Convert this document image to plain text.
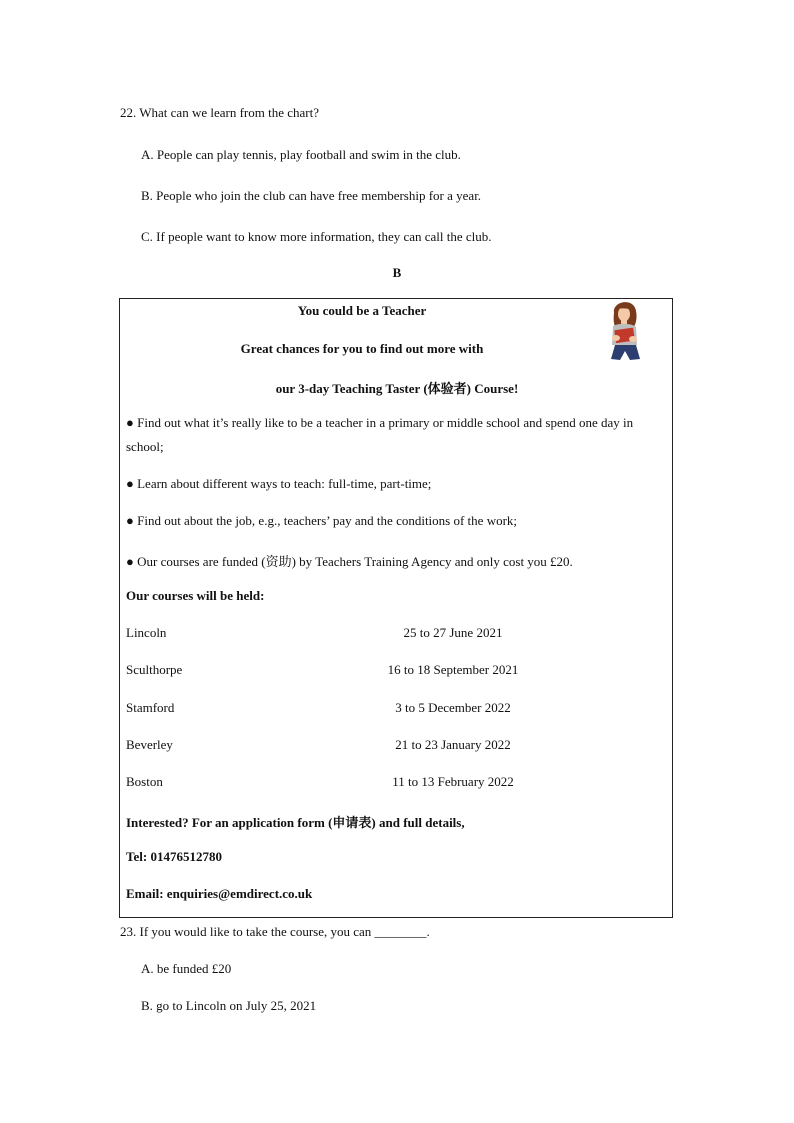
22. What can we learn from the chart?
A. People can play tennis, play football and swim in the club.
B. People who join the club can have free membership for a year.
C. If people want to know more information, they can call the club.
B
You could be a Teacher
Great chances for you to find out more with
our 3-day Teaching Taster (体验者) Course!
● Find out what it’s really like to be a teacher in a primary or middle school and spend one day in school;
● Learn about different ways to teach: full-time, part-time;
● Find out about the job, e.g., teachers’ pay and the conditions of the work;
● Our courses are funded (资助) by Teachers Training Agency and only cost you £20.
Our courses will be held:
Lincoln	25 to 27 June 2021
Sculthorpe	16 to 18 September 2021
Stamford	3 to 5 December 2022
Beverley	21 to 23 January 2022
Boston	11 to 13 February 2022
Interested? For an application form (申请表) and full details,
Tel: 01476512780
Email: enquiries@emdirect.co.uk
23. If you would like to take the course, you can ________.
A. be funded £20
B. go to Lincoln on July 25, 2021
